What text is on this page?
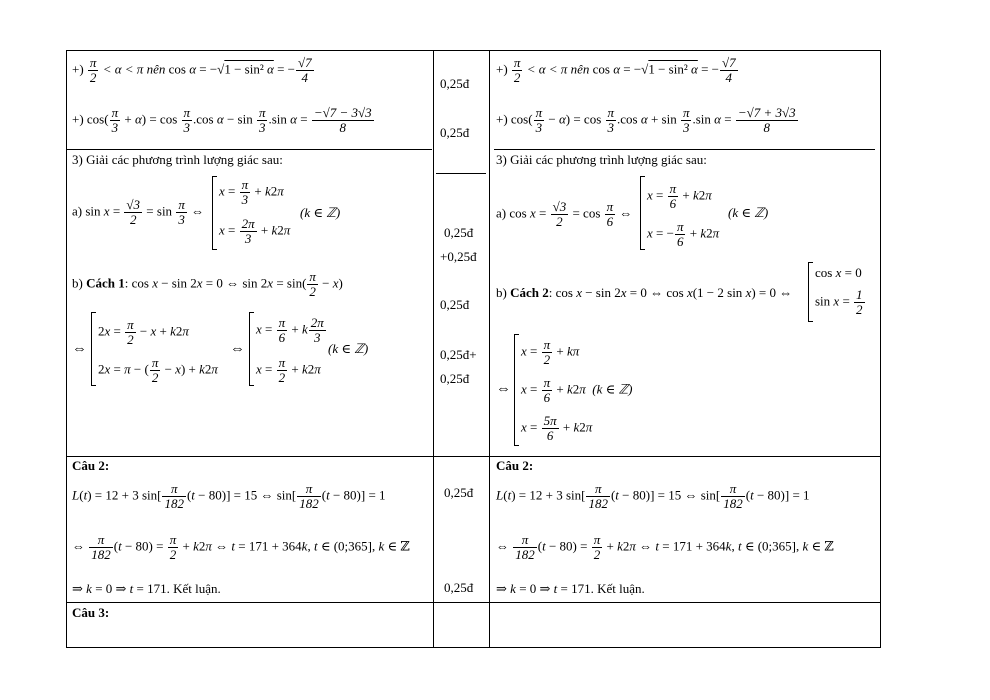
+) $\frac{\pi}{2} < \alpha < \pi$ nên cos α = −√1 − sin² α = − $\frac{√7}{4}$
+) $\cos( \frac{\pi}{3} + \alpha) = \cos \frac{\pi}{3} .\cos$ $\alpha - \sin \frac{\pi}{3} .\sin$ $\alpha = \frac{-√7 - 3√3}{8}$
3) Giải các phương trình lượng giác sau:
a) $\sin x = \frac{√3}{2} = \sin \frac{\pi}{3}$ ⇔
$x = \frac{\pi}{3} + k2\pi$
$x = \frac{2\pi}{3} + k2\pi$
(k ∈ ℤ)
b) Cách 1: cos x − sin 2x = 0 ⇔ $\sin 2x = \sin( \frac{\pi}{2} - x)$
⇔
$2x = \frac{\pi}{2} - x + k2\pi$
2x = π − ( $\frac{\pi}{2} - x) + k2\pi$
⇔
$x = \frac{\pi}{6} + k \frac{2\pi}{3}$
$x = \frac{\pi}{2} + k2\pi$
(k ∈ ℤ)
0,25đ
0,25đ
0,25đ
+0,25đ
0,25đ
0,25đ+
0,25đ
0,25đ
0,25đ
+) $\frac{\pi}{2} < \alpha < \pi$ nên cos α = −√1 − sin² α = − $\frac{√7}{4}$
+) $\cos( \frac{\pi}{3} - \alpha) = \cos \frac{\pi}{3} .\cos$ $\alpha + \sin \frac{\pi}{3} .\sin$ $\alpha = \frac{-√7 + 3√3}{8}$
3) Giải các phương trình lượng giác sau:
a) $\cos x = \frac{√3}{2} = \cos \frac{\pi}{6}$ ⇔
$x = \frac{\pi}{6} + k2\pi$
x = − $\frac{\pi}{6} + k2\pi$
(k ∈ ℤ)
b) Cách 2: cos x − sin 2x = 0 ⇔ cos x(1 − 2 sin x) = 0 ⇔
cos x = 0
$\sin x = \frac{1}{2}$
⇔
$x = \frac{\pi}{2} + k\pi$
$x = \frac{\pi}{6} + k2\pi$ (k ∈ ℤ)
$x = \frac{5\pi}{6} + k2\pi$
Câu 2:
L(t) = 12 + 3 $\sin[ \frac{\pi}{182} (t - 80)] = 15$ ⇔ $\sin[ \frac{\pi}{182} (t - 80)] = 1$
⇔ $\frac{\pi}{182} (t - 80) = \frac{\pi}{2} + k2\pi$ ⇔ t = 171 + 364k, t ∈ (0;365], k ∈ ℤ
⇒ k = 0 ⇒ t = 171. Kết luận.
Câu 2:
L(t) = 12 + 3 $\sin[ \frac{\pi}{182} (t - 80)] = 15$ ⇔ $\sin[ \frac{\pi}{182} (t - 80)] = 1$
⇔ $\frac{\pi}{182} (t - 80) = \frac{\pi}{2} + k2\pi$ ⇔ t = 171 + 364k, t ∈ (0;365], k ∈ ℤ
⇒ k = 0 ⇒ t = 171. Kết luận.
Câu 3:
